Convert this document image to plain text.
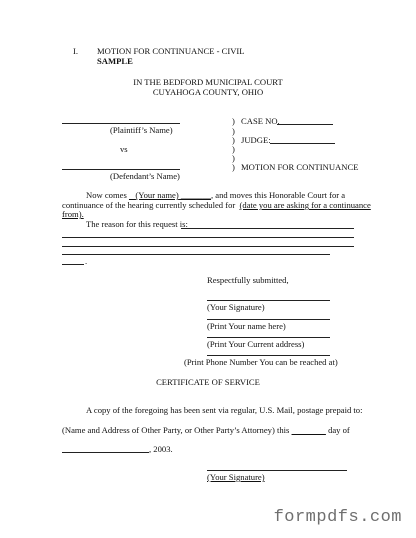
I. MOTION FOR CONTINUANCE - CIVIL
SAMPLE
IN THE BEDFORD MUNICIPAL COURT
CUYAHOGA COUNTY, OHIO
(Plaintiff’s Name)
vs
(Defendant’s Name)
)
)
)
)
)
)
CASE NO.
JUDGE:
MOTION FOR CONTINUANCE
Now comes (Your name) _______, and moves this Honorable Court for a
continuance of the hearing currently scheduled for (date you are asking for a continuance
from).
The reason for this request is:
.
Respectfully submitted,
(Your Signature)
(Print Your name here)
(Print Your Current address)
(Print Phone Number You can be reached at)
CERTIFICATE OF SERVICE
A copy of the foregoing has been sent via regular, U.S. Mail, postage prepaid to:
(Name and Address of Other Party, or Other Party’s Attorney) this	day of
, 2003.
(Your Signature)
formpdfs.com
